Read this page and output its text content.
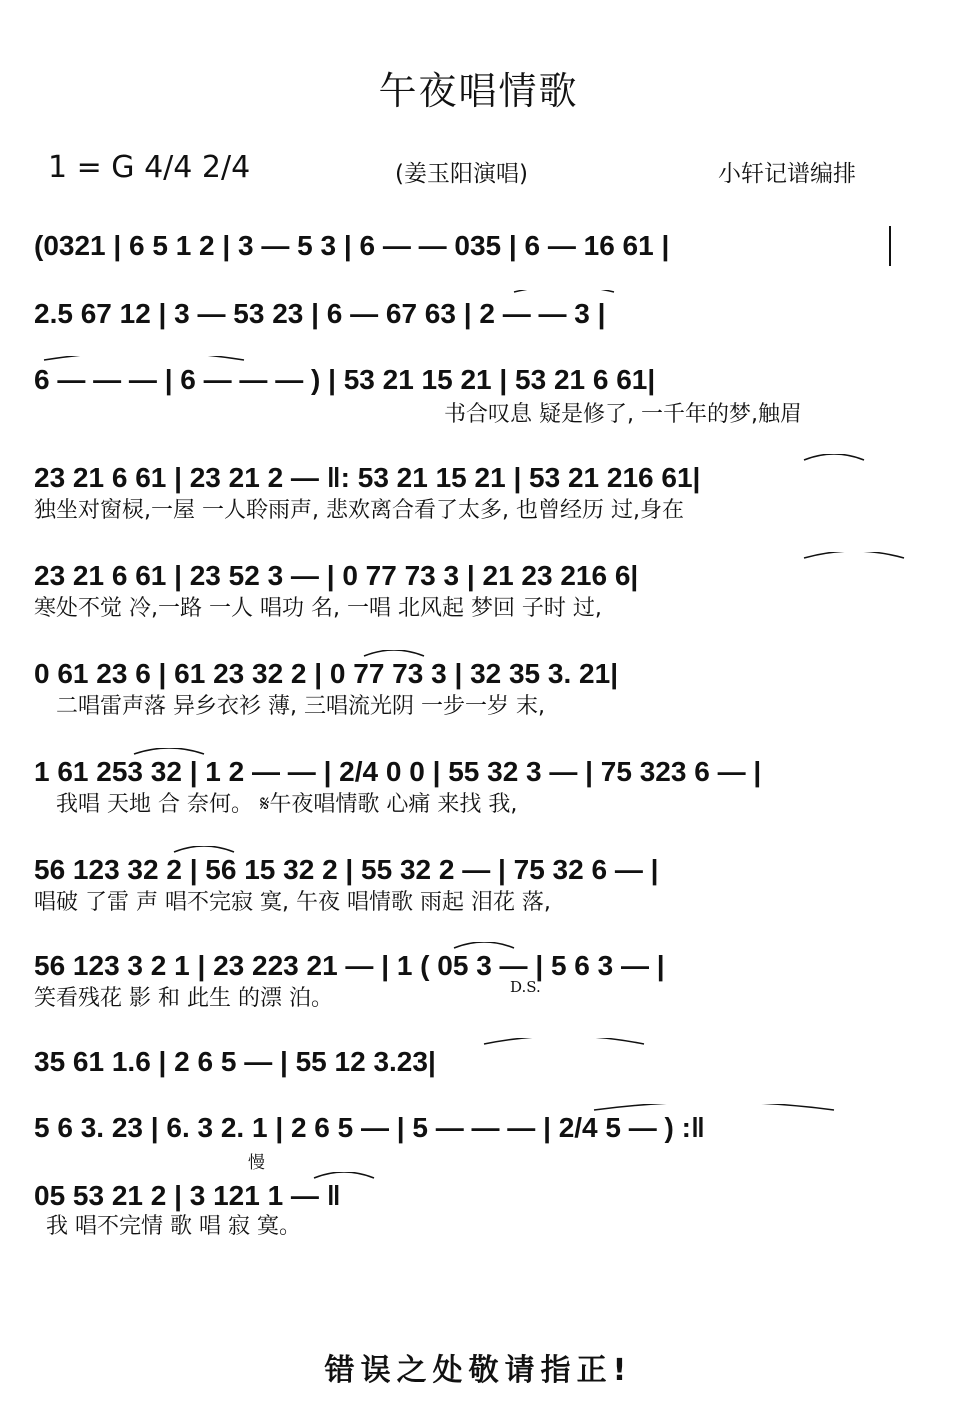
午夜唱情歌
1 = G 4/4 2/4	(姜玉阳演唱)	小轩记谱编排
(0321 | 6 5 1 2 | 3 — 5 3 | 6 — — 035 | 6 — 16 61 |
2.5 67 12 | 3 — 53 23 | 6 — 67 63 | 2 — — 3 |
6 — — — | 6 — — — ) | 53 21 15 21 | 53 21 6 61|
书合叹息 疑是修了, 一千年的梦,触眉
23 21 6 61 | 23 21 2 — ‖: 53 21 15 21 | 53 21 216 61|
独坐对窗棂,一屋 一人聆雨声, 悲欢离合看了太多, 也曾经历 过,身在
23 21 6 61 | 23 52 3 — | 0 77 73 3 | 21 23 216 6|
寒处不觉 冷,一路 一人 唱功 名, 一唱 北风起 梦回 子时 过,
0 61 23 6 | 61 23 32 2 | 0 77 73 3 | 32 35 3. 21|
二唱雷声落 异乡衣衫 薄, 三唱流光阴 一步一岁 末,
1 61 253 32 | 1 2 — — | 2/4 0 0 | 55 32 3 — | 75 323 6 — |
我唱 天地 合 奈何。 𝄋午夜唱情歌 心痛 来找 我,
56 123 32 2 | 56 15 32 2 | 55 32 2 — | 75 32 6 — |
唱破 了雷 声 唱不完寂 寞, 午夜 唱情歌 雨起 泪花 落,
56 123 3 2 1 | 23 223 21 — | 1 ( 05 3 — | 5 6 3 — |
笑看残花 影 和 此生 的漂 泊。	D.S.
35 61 1.6 | 2 6 5 — | 55 12 3.23|
5 6 3. 23 | 6. 3 2. 1 | 2 6 5 — | 5 — — — | 2/4 5 — ) :‖
05 53 21 2 | 3 121 1 — ‖
慢
我 唱不完情 歌 唱 寂 寞。
错误之处敬请指正!
